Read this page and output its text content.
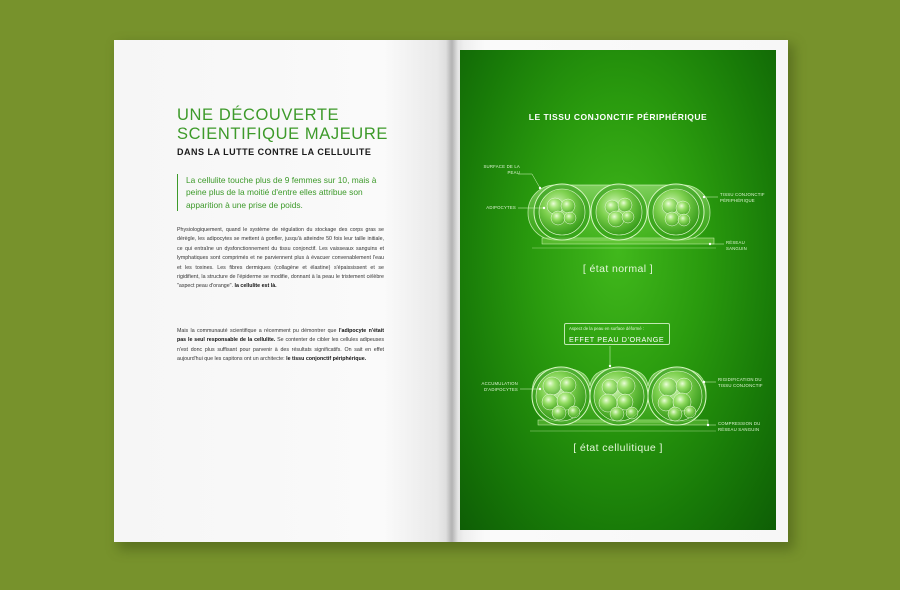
UNE DÉCOUVERTE SCIENTIFIQUE MAJEURE
DANS LA LUTTE CONTRE LA CELLULITE
La cellulite touche plus de 9 femmes sur 10, mais à peine plus de la moitié d'entre elles attribue son apparition à une prise de poids.
Physiologiquement, quand le système de régulation du stockage des corps gras se dérègle, les adipocytes se mettent à gonfler, jusqu'à atteindre 50 fois leur taille initiale, ce qui entraîne un dysfonctionnement du tissu conjonctif. Les vaisseaux sanguins et lymphatiques sont comprimés et ne parviennent plus à évacuer convenablement l'eau et les toxines. Les fibres dermiques (collagène et élastine) s'épaississent et se rigidifient, la structure de l'épiderme se modifie, donnant à la peau le tristement célèbre "aspect peau d'orange". la cellulite est là.
Mais la communauté scientifique a récemment pu démontrer que l'adipocyte n'était pas le seul responsable de la cellulite. Se contenter de cibler les cellules adipeuses n'est donc plus suffisant pour parvenir à des résultats significatifs. On sait en effet aujourd'hui que les capitons ont un architecte: le tissu conjonctif périphérique.
LE TISSU CONJONCTIF PÉRIPHÉRIQUE
SURFACE DE LA PEAU
ADIPOCYTES
TISSU CONJONCTIF PÉRIPHÉRIQUE
RÉSEAU SANGUIN
[ état normal ]
Aspect de la peau en surface déformé :
EFFET PEAU D'ORANGE
ACCUMULATION D'ADIPOCYTES
RIGIDIFICATION DU TISSU CONJONCTIF
COMPRESSION DU RÉSEAU SANGUIN
[ état cellulitique ]
